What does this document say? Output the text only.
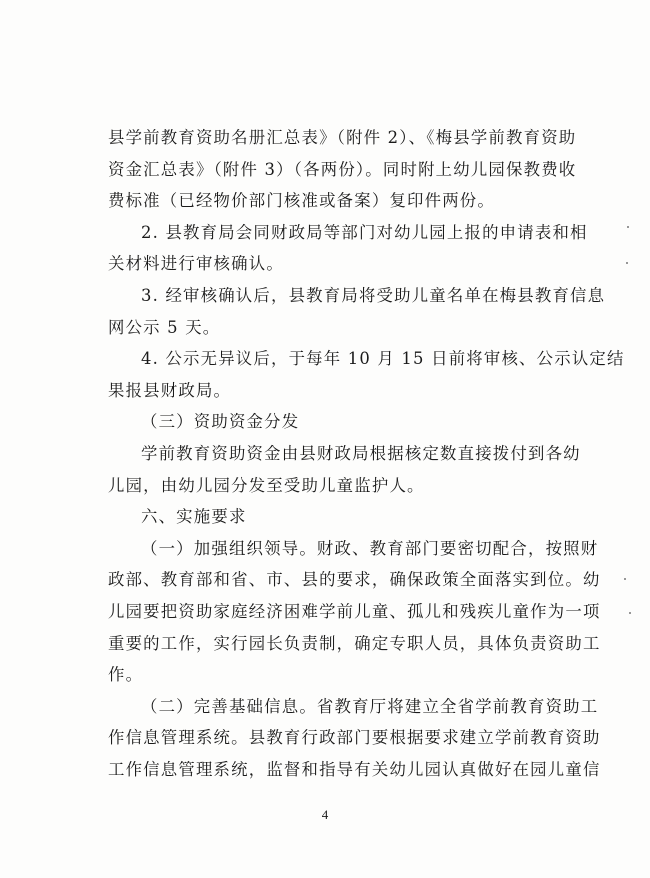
县学前教育资助名册汇总表》（附件 2）、《梅县学前教育资助
资金汇总表》（附件 3）（各两份）。同时附上幼儿园保教费收
费标准（已经物价部门核准或备案）复印件两份。
2. 县教育局会同财政局等部门对幼儿园上报的申请表和相
关材料进行审核确认。
3. 经审核确认后，县教育局将受助儿童名单在梅县教育信息
网公示 5 天。
4. 公示无异议后，于每年 10 月 15 日前将审核、公示认定结
果报县财政局。
（三）资助资金分发
学前教育资助资金由县财政局根据核定数直接拨付到各幼
儿园，由幼儿园分发至受助儿童监护人。
六、实施要求
（一）加强组织领导。财政、教育部门要密切配合，按照财
政部、教育部和省、市、县的要求，确保政策全面落实到位。幼
儿园要把资助家庭经济困难学前儿童、孤儿和残疾儿童作为一项
重要的工作，实行园长负责制，确定专职人员，具体负责资助工
作。
（二）完善基础信息。省教育厅将建立全省学前教育资助工
作信息管理系统。县教育行政部门要根据要求建立学前教育资助
工作信息管理系统，监督和指导有关幼儿园认真做好在园儿童信
4
